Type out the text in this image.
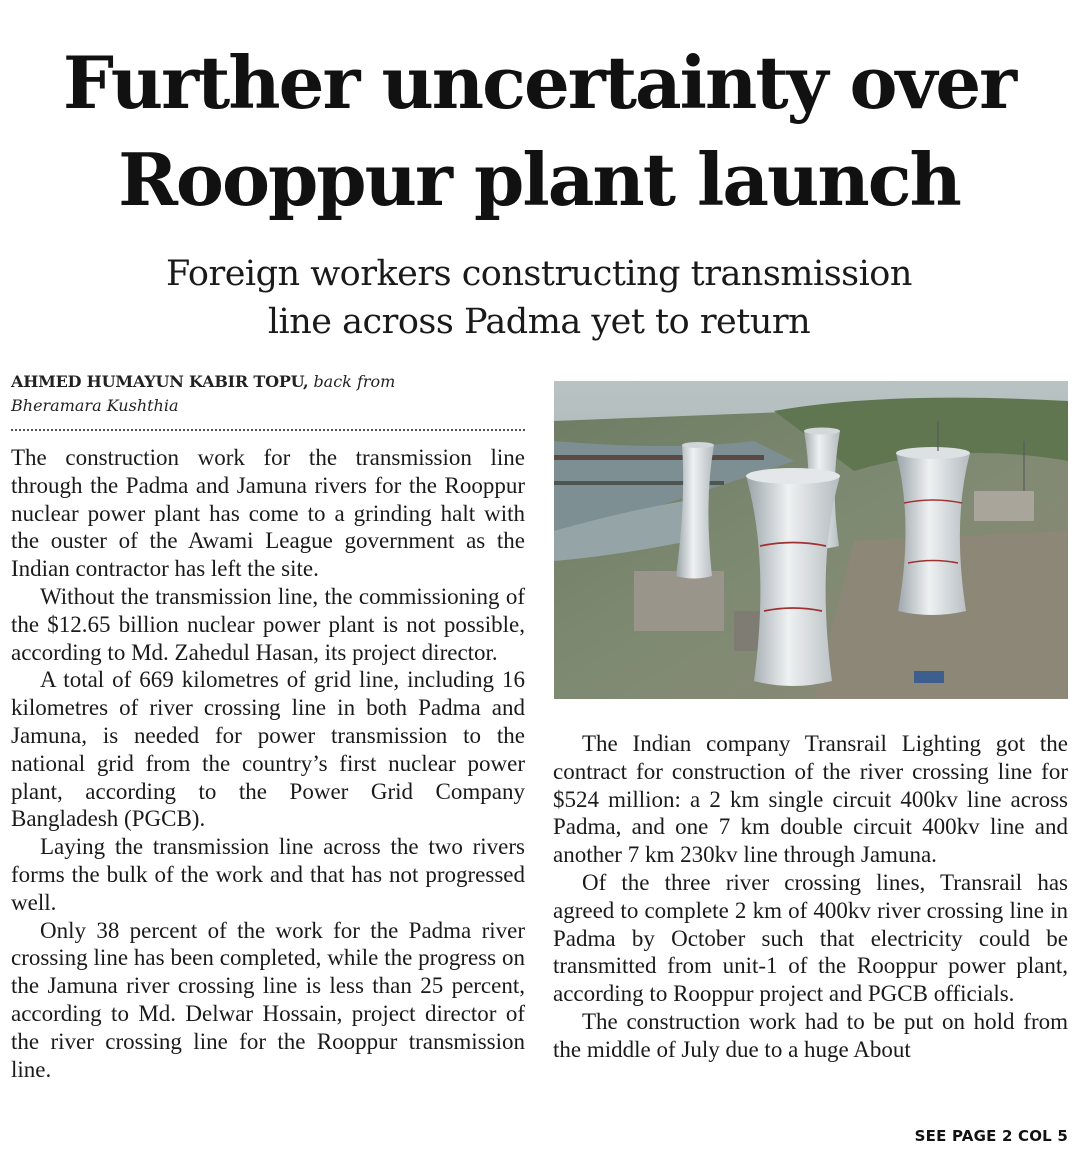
Further uncertainty over
Rooppur plant launch
Foreign workers constructing transmission
line across Padma yet to return
AHMED HUMAYUN KABIR TOPU, back from
Bheramara Kushthia

The construction work for the transmission line through the Padma and Jamuna rivers for the Rooppur nuclear power plant has come to a grinding halt with the ouster of the Awami League government as the Indian contractor has left the site.

Without the transmission line, the commissioning of the $12.65 billion nuclear power plant is not possible, according to Md. Zahedul Hasan, its project director.

A total of 669 kilometres of grid line, including 16 kilometres of river crossing line in both Padma and Jamuna, is needed for power transmission to the national grid from the country’s first nuclear power plant, according to the Power Grid Company Bangladesh (PGCB).

Laying the transmission line across the two rivers forms the bulk of the work and that has not progressed well.

Only 38 percent of the work for the Padma river crossing line has been completed, while the progress on the Jamuna river crossing line is less than 25 percent, according to Md. Delwar Hossain, project director of the river crossing line for the Rooppur transmission line.

The Indian company Transrail Lighting got the contract for construction of the river crossing line for $524 million: a 2 km single circuit 400kv line across Padma, and one 7 km double circuit 400kv line and another 7 km 230kv line through Jamuna.

Of the three river crossing lines, Transrail has agreed to complete 2 km of 400kv river crossing line in Padma by October such that electricity could be transmitted from unit-1 of the Rooppur power plant, according to Rooppur project and PGCB officials.

The construction work had to be put on hold from the middle of July due to a huge About

SEE PAGE 2 COL 5
